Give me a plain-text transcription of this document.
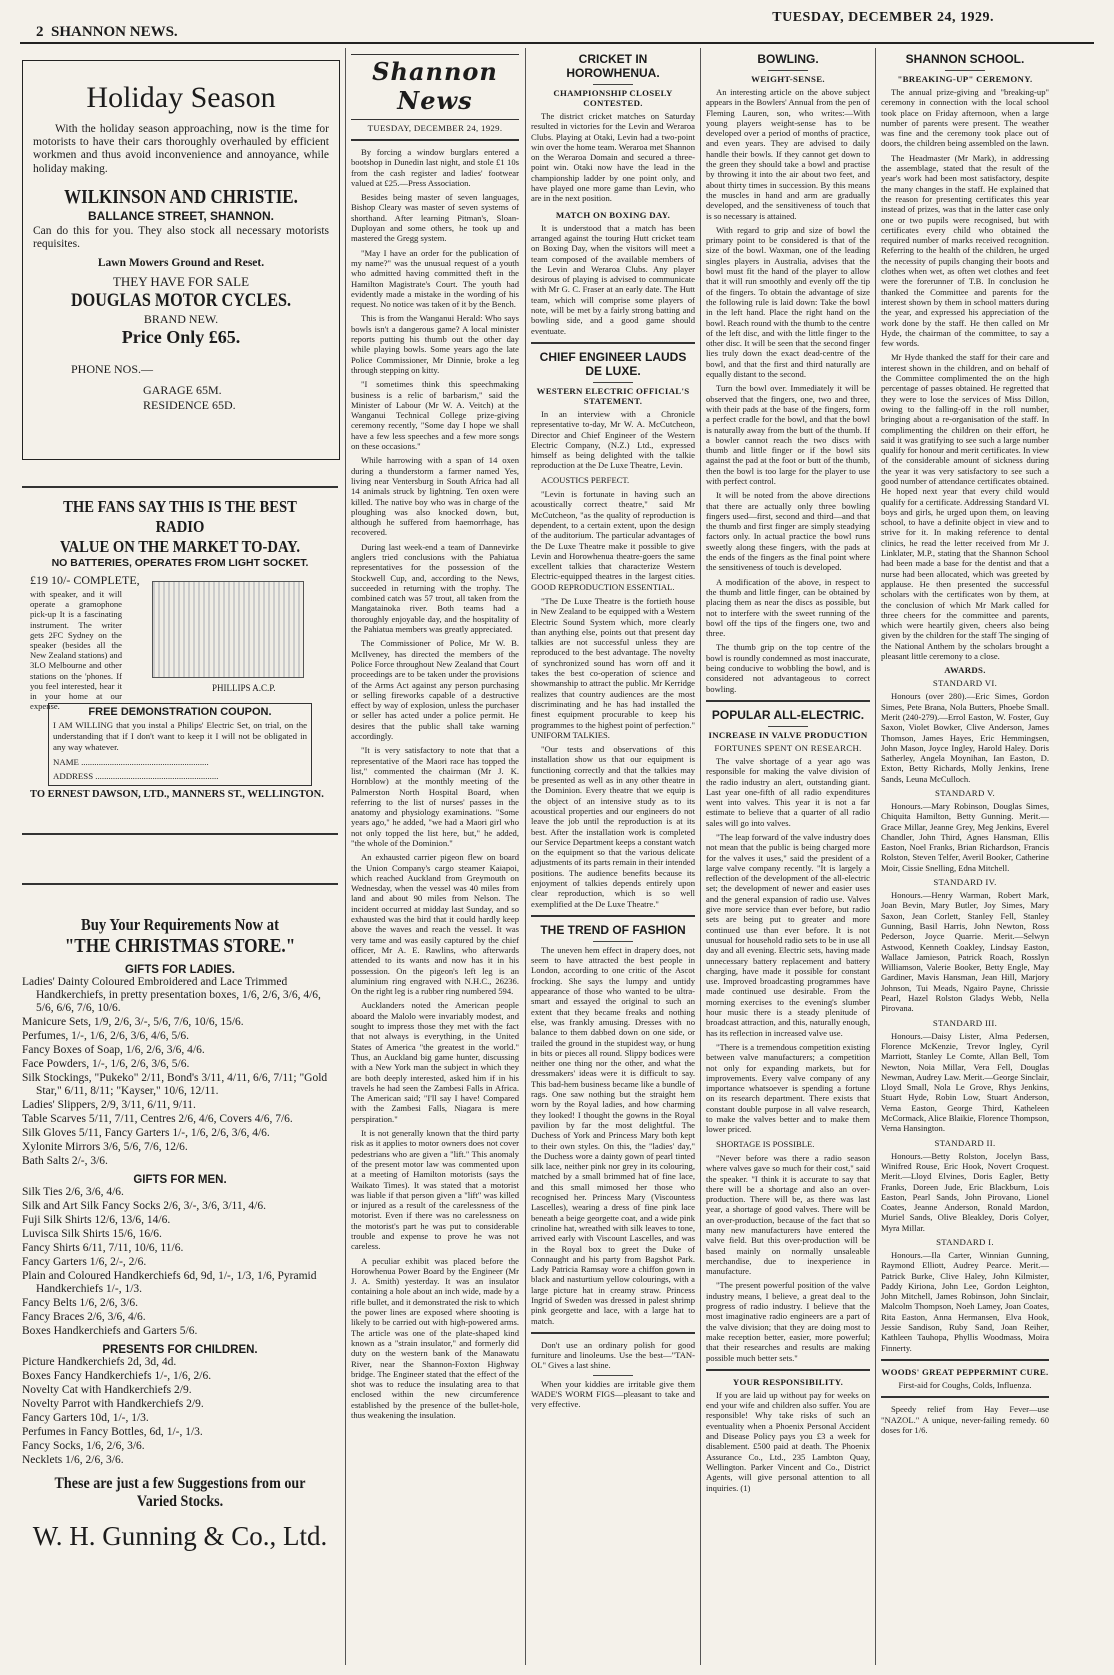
2 SHANNON NEWS.
TUESDAY, DECEMBER 24, 1929.
Holiday Season

With the holiday season approaching, now is the time for motorists to have their cars thoroughly overhauled by efficient workmen and thus avoid inconvenience and annoyance, while holiday making.

WILKINSON AND CHRISTIE.
BALLANCE STREET, SHANNON.

Can do this for you. They also stock all necessary motorists requisites.

Lawn Mowers Ground and Reset.
THEY HAVE FOR SALE
DOUGLAS MOTOR CYCLES.
BRAND NEW.
Price Only £65.
PHONE NOS.—
GARAGE 65M.
RESIDENCE 65D.
THE FANS SAY THIS IS THE BEST RADIO
VALUE ON THE MARKET TO-DAY.
NO BATTERIES, OPERATES FROM LIGHT SOCKET.
£19 10/- COMPLETE,

with speaker, and it will operate a gramophone pick-up It is a fascinating instrument. The writer gets 2FC Sydney on the speaker (besides all the New Zealand stations) and 3LO Melbourne and other stations on the 'phones. If you feel interested, hear it in your home at our expense.

PHILLIPS A.C.P.
FREE DEMONSTRATION COUPON.

I AM WILLING that you instal a Philips' Electric Set, on trial, on the understanding that if I don't want to keep it I will not be obligated in any way whatever.

NAME ..........................................................
ADDRESS ........................................................
TO ERNEST DAWSON, LTD., MANNERS ST., WELLINGTON.
Buy Your Requirements Now at
"THE CHRISTMAS STORE."
GIFTS FOR LADIES.
Ladies' Dainty Coloured Embroidered and Lace Trimmed Handkerchiefs, in pretty presentation boxes, 1/6, 2/6, 3/6, 4/6, 5/6, 6/6, 7/6, 10/6.
Manicure Sets, 1/9, 2/6, 3/-, 5/6, 7/6, 10/6, 15/6.
Perfumes, 1/-, 1/6, 2/6, 3/6, 4/6, 5/6.
Fancy Boxes of Soap, 1/6, 2/6, 3/6, 4/6.
Face Powders, 1/-, 1/6, 2/6, 3/6, 5/6.
Silk Stockings, "Pukeko" 2/11, Bond's 3/11, 4/11, 6/6, 7/11; "Gold Star," 6/11, 8/11; "Kayser," 10/6, 12/11.
Ladies' Slippers, 2/9, 3/11, 6/11, 9/11.
Table Scarves 5/11, 7/11, Centres 2/6, 4/6, Covers 4/6, 7/6.
Silk Gloves 5/11, Fancy Garters 1/-, 1/6, 2/6, 3/6, 4/6.
Xylonite Mirrors 3/6, 5/6, 7/6, 12/6.
Bath Salts 2/-, 3/6.
GIFTS FOR MEN.
Silk Ties 2/6, 3/6, 4/6.
Silk and Art Silk Fancy Socks 2/6, 3/-, 3/6, 3/11, 4/6.
Fuji Silk Shirts 12/6, 13/6, 14/6.
Luvisca Silk Shirts 15/6, 16/6.
Fancy Shirts 6/11, 7/11, 10/6, 11/6.
Fancy Garters 1/6, 2/-, 2/6.
Plain and Coloured Handkerchiefs 6d, 9d, 1/-, 1/3, 1/6, Pyramid Handkerchiefs 1/-, 1/3.
Fancy Belts 1/6, 2/6, 3/6.
Fancy Braces 2/6, 3/6, 4/6.
Boxes Handkerchiefs and Garters 5/6.
PRESENTS FOR CHILDREN.
Picture Handkerchiefs 2d, 3d, 4d.
Boxes Fancy Handkerchiefs 1/-, 1/6, 2/6.
Novelty Cat with Handkerchiefs 2/9.
Novelty Parrot with Handkerchiefs 2/9.
Fancy Garters 10d, 1/-, 1/3.
Perfumes in Fancy Bottles, 6d, 1/-, 1/3.
Fancy Socks, 1/6, 2/6, 3/6.
Necklets 1/6, 2/6, 3/6.
These are just a few Suggestions from our
Varied Stocks.
W. H. Gunning & Co., Ltd.
Shannon News
TUESDAY, DECEMBER 24, 1929.

By forcing a window burglars entered a bootshop in Dunedin last night, and stole £1 10s from the cash register and ladies' footwear valued at £25.—Press Association.

Besides being master of seven languages, Bishop Cleary was master of seven systems of shorthand. After learning Pitman's, Sloan-Duployan and some others, he took up and mastered the Gregg system.

"May I have an order for the publication of my name?" was the unusual request of a youth who admitted having committed theft in the Hamilton Magistrate's Court. The youth had evidently made a mistake in the wording of his request. No notice was taken of it by the Bench.

This is from the Wanganui Herald: Who says bowls isn't a dangerous game? A local minister reports putting his thumb out the other day while playing bowls. Some years ago the late Police Commissioner, Mr Dinnie, broke a leg through stepping on kitty.

"I sometimes think this speechmaking business is a relic of barbarism," said the Minister of Labour (Mr W. A. Veitch) at the Wanganui Technical College prize-giving ceremony recently, "Some day I hope we shall have a few less speeches and a few more songs on these occasions."

While harrowing with a span of 14 oxen during a thunderstorm a farmer named Yes, living near Ventersburg in South Africa had all 14 animals struck by lightning. Ten oxen were killed. The native boy who was in charge of the ploughing was also knocked down, but, although he suffered from haemorrhage, has recovered.

During last week-end a team of Dannevirke anglers tried conclusions with the Pahiatua representatives for the possession of the Stockwell Cup, and, according to the News, succeeded in returning with the trophy. The combined catch was 57 trout, all taken from the Mangatainoka river. Both teams had a thoroughly enjoyable day, and the hospitality of the Pahiatua members was greatly appreciated.

The Commissioner of Police, Mr W. B. McIlveney, has directed the members of the Police Force throughout New Zealand that Court proceedings are to be taken under the provisions of the Arms Act against any person purchasing or selling fireworks capable of a destructive effect by way of explosion, unless the purchaser or seller has acted under a police permit. He desires that the public shall take warning accordingly.

"It is very satisfactory to note that that a representative of the Maori race has topped the list," commented the chairman (Mr J. K. Hornblow) at the monthly meeting of the Palmerston North Hospital Board, when referring to the list of nurses' passes in the anatomy and physiology examinations. "Some years ago," he added, "we had a Maori girl who not only topped the list here, but," he added, "the whole of the Dominion."

An exhausted carrier pigeon flew on board the Union Company's cargo steamer Kaiapoi, which reached Auckland from Greymouth on Wednesday, when the vessel was 40 miles from land and about 90 miles from Nelson. The incident occurred at midday last Sunday, and so exhausted was the bird that it could hardly keep above the waves and reach the vessel. It was very tame and was easily captured by the chief officer, Mr A. E. Rawlins, who afterwards attended to its wants and now has it in his possession. On the pigeon's left leg is an aluminium ring engraved with N.H.C., 26236. On the right leg is a rubber ring numbered 594.

Aucklanders noted the American people aboard the Malolo were invariably modest, and sought to impress those they met with the fact that not always is everything, in the United States of America "the greatest in the world." Thus, an Auckland big game hunter, discussing with a New York man the subject in which they are both deeply interested, asked him if in his travels he had seen the Zambesi Falls in Africa. The American said; "I'll say I have! Compared with the Zambesi Falls, Niagara is mere perspiration."

It is not generally known that the third party risk as it applies to motor owners does not cover pedestrians who are given a "lift." This anomaly of the present motor law was commented upon at a meeting of Hamilton motorists (says the Waikato Times). It was stated that a motorist was liable if that person given a "lift" was killed or injured as a result of the carelessness of the motorist. Even if there was no carelessness on the motorist's part he was put to considerable trouble and expense to prove he was not careless.

A peculiar exhibit was placed before the Horowhenua Power Board by the Engineer (Mr J. A. Smith) yesterday. It was an insulator containing a hole about an inch wide, made by a rifle bullet, and it demonstrated the risk to which the power lines are exposed where shooting is likely to be carried out with high-powered arms. The article was one of the plate-shaped kind known as a "strain insulator," and formerly did duty on the western bank of the Manawatu River, near the Shannon-Foxton Highway bridge. The Engineer stated that the effect of the shot was to reduce the insulating area to that enclosed within the new circumference established by the presence of the bullet-hole, thus weakening the insulation.

CRICKET IN HOROWHENUA.
CHAMPIONSHIP CLOSELY CONTESTED.

The district cricket matches on Saturday resulted in victories for the Levin and Weraroa Clubs. Playing at Otaki, Levin had a two-point win over the home team. Weraroa met Shannon on the Weraroa Domain and secured a three-point win. Otaki now have the lead in the championship ladder by one point only, and have played one more game than Levin, who are in the next position.

MATCH ON BOXING DAY.

It is understood that a match has been arranged against the touring Hutt cricket team on Boxing Day, when the visitors will meet a team composed of the available members of the Levin and Weraroa Clubs. Any player desirous of playing is advised to communicate with Mr G. C. Fraser at an early date. The Hutt team, which will comprise some players of note, will be met by a fairly strong batting and bowling side, and a good game should eventuate.

CHIEF ENGINEER LAUDS DE LUXE.
WESTERN ELECTRIC OFFICIAL'S STATEMENT.

In an interview with a Chronicle representative to-day, Mr W. A. McCutcheon, Director and Chief Engineer of the Western Electric Company, (N.Z.) Ltd., expressed himself as being delighted with the talkie reproduction at the De Luxe Theatre, Levin.

ACOUSTICS PERFECT.

"Levin is fortunate in having such an acoustically correct theatre," said Mr McCutcheon, "as the quality of reproduction is dependent, to a certain extent, upon the design of the auditorium. The particular advantages of the De Luxe Theatre make it possible to give Levin and Horowhenua theatre-goers the same excellent talkies that characterize Western Electric-equipped theatres in the largest cities. GOOD REPRODUCTION ESSENTIAL.

"The De Luxe Theatre is the fortieth house in New Zealand to be equipped with a Western Electric Sound System which, more clearly than anything else, points out that present day talkies are not successful unless they are reproduced to the best advantage. The novelty of synchronized sound has worn off and it takes the best co-operation of science and showmanship to attract the public. Mr Kerridge realizes that country audiences are the most discriminating and he has had installed the finest equipment procurable to keep his programmes to the highest point of perfection." UNIFORM TALKIES.

"Our tests and observations of this installation show us that our equipment is functioning correctly and that the talkies may be presented as well as in any other theatre in the Dominion. Every theatre that we equip is the object of an intensive study as to its acoustical properties and our engineers do not leave the job until the reproduction is at its best. After the installation work is completed our Service Department keeps a constant watch on the equipment so that the various delicate adjustments of its parts remain in their intended positions. The audience benefits because its enjoyment of talkies depends entirely upon clear reproduction, which is so well exemplified at the De Luxe Theatre."

THE TREND OF FASHION

The uneven hem effect in drapery does, not seem to have attracted the best people in London, according to one critic of the Ascot frocking. She says the lumpy and untidy appearance of those who wanted to be ultra-smart and essayed the original to such an extent that they became freaks and nothing else, was frankly amusing. Dresses with no balance to them dabbed down on one side, or trailed the ground in the stupidest way, or hung in bits or pieces all round. Slippy bodices were neither one thing nor the other, and what the dressmakers' ideas were it is difficult to say. This bad-hem business became like a bundle of rags. One saw nothing but the straight hem worn by the Royal ladies, and how charming they looked! I thought the gowns in the Royal pavilion by far the most delightful. The Duchess of York and Princess Mary both kept to their own styles. On this, the "ladies' day," the Duchess wore a dainty gown of pearl tinted silk lace, neither pink nor grey in its colouring, matched by a small brimmed hat of fine lace, and this small mimosed her those who recognised her. Princess Mary (Viscountess Lascelles), wearing a dress of fine pink lace beneath a beige georgette coat, and a wide pink crinoline hat, wreathed with silk leaves to tone, arrived early with Viscount Lascelles, and was in the Royal box to greet the Duke of Connaught and his party from Bagshot Park. Lady Patricia Ramsay wore a chiffon gown in black and nasturtium yellow colourings, with a large picture hat in creamy straw. Princess Ingrid of Sweden was dressed in palest shrimp pink georgette and lace, with a large hat to match.

Don't use an ordinary polish for good furniture and linoleums. Use the best—"TAN-OL" Gives a last shine.

When your kiddies are irritable give them WADE'S WORM FIGS—pleasant to take and very effective.

BOWLING.
WEIGHT-SENSE.

An interesting article on the above subject appears in the Bowlers' Annual from the pen of Fleming Lauren, son, who writes:—With young players weight-sense has to be developed over a period of months of practice, and even years. They are advised to daily handle their bowls. If they cannot get down to the green they should take a bowl and practise by throwing it into the air about two feet, and about thirty times in succession. By this means the muscles in hand and arm are gradually developed, and the sensitiveness of touch that is so necessary is attained.

With regard to grip and size of bowl the primary point to be considered is that of the size of the bowl. Waxman, one of the leading singles players in Australia, advises that the bowl must fit the hand of the player to allow that it will run smoothly and evenly off the tip of the fingers. To obtain the advantage of size the following rule is laid down: Take the bowl in the left hand. Place the right hand on the bowl. Reach round with the thumb to the centre of the left disc, and with the little finger to the other disc. It will be seen that the second finger lies truly down the exact dead-centre of the bowl, and that the first and third naturally are equally distant to the second.

Turn the bowl over. Immediately it will be observed that the fingers, one, two and three, with their pads at the base of the fingers, form a perfect cradle for the bowl, and that the bowl is naturally away from the butt of the thumb. If a bowler cannot reach the two discs with thumb and little finger or if the bowl sits against the pad at the foot or butt of the thumb, then the bowl is too large for the player to use with perfect control.

It will be noted from the above directions that there are actually only three bowling fingers used—first, second and third—and that the thumb and first finger are simply steadying factors only. In actual practice the bowl runs sweetly along these fingers, with the pads at the ends of the fingers as the final point where the sensitiveness of touch is developed.

A modification of the above, in respect to the thumb and little finger, can be obtained by placing them as near the discs as possible, but not to interfere with the sweet running of the bowl off the tips of the fingers one, two and three.

The thumb grip on the top centre of the bowl is roundly condemned as most inaccurate, being conducive to wobbling the bowl, and is considered not advantageous to correct bowling.

POPULAR ALL-ELECTRIC.
INCREASE IN VALVE PRODUCTION
FORTUNES SPENT ON RESEARCH.

The valve shortage of a year ago was responsible for making the valve division of the radio industry an alert, outstanding giant. Last year one-fifth of all radio expenditures went into valves. This year it is not a far estimate to believe that a quarter of all radio sales will go into valves.

"The leap forward of the valve industry does not mean that the public is being charged more for the valves it uses," said the president of a large valve company recently. "It is largely a reflection of the development of the all-electric set; the development of newer and easier uses and the general expansion of radio use. Valves give more service than ever before, but radio sets are being put to greater and more continued use than ever before. It is not unusual for household radio sets to be in use all day and all evening. Electric sets, having made unnecessary battery replacement and battery charging, have made it possible for constant use. Improved broadcasting programmes have made continued use desirable. From the morning exercises to the evening's slumber hour music there is a steady plenitude of broadcast attraction, and this, naturally enough, has its reflection in increased valve use.

"There is a tremendous competition existing between valve manufacturers; a competition not only for expanding markets, but for improvements. Every valve company of any importance whatsoever is spending a fortune on its research department. There exists that constant double purpose in all valve research, to make the valves better and to make them lower priced.

SHORTAGE IS POSSIBLE.

"Never before was there a radio season where valves gave so much for their cost," said the speaker. "I think it is accurate to say that there will be a shortage and also an over-production. There will be, as there was last year, a shortage of good valves. There will be an over-production, because of the fact that so many new manufacturers have entered the valve field. But this over-production will be based mainly on normally unsaleable merchandise, due to inexperience in manufacture.

"The present powerful position of the valve industry means, I believe, a great deal to the progress of radio industry. I believe that the most imaginative radio engineers are a part of the valve division; that they are doing most to make reception better, easier, more powerful; that their researches and results are making possible much better sets."

YOUR RESPONSIBILITY.

If you are laid up without pay for weeks on end your wife and children also suffer. You are responsible! Why take risks of such an eventuality when a Phoenix Personal Accident and Disease Policy pays you £3 a week for disablement. £500 paid at death. The Phoenix Assurance Co., Ltd., 235 Lambton Quay, Wellington. Parker Vincent and Co., District Agents, will give personal attention to all inquiries. (1)

SHANNON SCHOOL.
"BREAKING-UP" CEREMONY.

The annual prize-giving and "breaking-up" ceremony in connection with the local school took place on Friday afternoon, when a large number of parents were present. The weather was fine and the ceremony took place out of doors, the children being assembled on the lawn.

The Headmaster (Mr Mark), in addressing the assemblage, stated that the result of the year's work had been most satisfactory, despite the many changes in the staff. He explained that the reason for presenting certificates this year instead of prizes, was that in the latter case only one or two pupils were recognised, but with certificates every child who obtained the required number of marks received recognition. Referring to the health of the children, he urged the necessity of pupils changing their boots and clothes when wet, as often wet clothes and feet were the forerunner of T.B. In conclusion he thanked the Committee and parents for the interest shown by them in school matters during the year, and expressed his appreciation of the work done by the staff. He then called on Mr Hyde, the chairman of the committee, to say a few words.

Mr Hyde thanked the staff for their care and interest shown in the children, and on behalf of the Committee complimented the on the high percentage of passes obtained. He regretted that they were to lose the services of Miss Dillon, owing to the falling-off in the roll number, bringing about a re-organisation of the staff. In complimenting the children on their effort, he said it was gratifying to see such a large number qualify for honour and merit certificates. In view of the considerable amount of sickness during the year it was very satisfactory to see such a good number of attendance certificates obtained. He hoped next year that every child would qualify for a certificate. Addressing Standard VI. boys and girls, he urged upon them, on leaving school, to have a definite object in view and to strive for it. In making reference to dental clinics, he read the letter received from Mr J. Linklater, M.P., stating that the Shannon School had been made a base for the dentist and that a nurse had been allocated, which was greeted by applause. He then presented the successful scholars with the certificates won by them, at the conclusion of which Mr Mark called for three cheers for the committee and parents, which were heartily given, cheers also being given by the children for the staff The singing of the National Anthem by the scholars brought a pleasant little ceremony to a close.

AWARDS.
STANDARD VI.

Honours (over 280).—Eric Simes, Gordon Simes, Pete Brana, Nola Butters, Phoebe Small. Merit (240-279).—Errol Easton, W. Foster, Guy Saxon, Violet Bowker, Clive Anderson, James Thomson, James Hayes, Eric Hemmingsen, John Mason, Joyce Ingley, Harold Haley. Doris Satherley, Angela Moynihan, Ian Easton, D. Exton, Betty Richards, Molly Jenkins, Irene Sands, Leuna McCulloch.

STANDARD V.

Honours.—Mary Robinson, Douglas Simes, Chiquita Hamilton, Betty Gunning. Merit.—Grace Millar, Jeanne Grey, Meg Jenkins, Everel Chandler, John Third, Agnes Hansman, Ellis Easton, Noel Franks, Brian Richardson, Francis Rolston, Steven Telfer, Averil Booker, Catherine Moir, Cissie Snelling, Edna Mitchell.

STANDARD IV.

Honours.—Henry Warman, Robert Mark, Joan Bevin, Mary Butler, Joy Simes, Mary Saxon, Jean Corlett, Stanley Fell, Stanley Gunning, Basil Harris, John Newton, Ross Pederson, Joyce Quarrie. Merit.—Selwyn Astwood, Kenneth Coakley, Lindsay Easton, Wallace Jamieson, Patrick Roach, Rosslyn Williamson, Valerie Booker, Betty Engle, May Gardiner, Mavis Hansman, Jean Hill, Marjory Johnson, Tui Meads, Ngairo Payne, Chrissie Pearl, Hazel Rolston Gladys Webb, Nella Pirovana.

STANDARD III.

Honours.—Daisy Lister, Alma Pedersen, Florence McKenzie, Trevor Ingley, Cyril Marriott, Stanley Le Comte, Allan Bell, Tom Newton, Noia Millar, Vera Fell, Douglas Newman, Audrey Law. Merit.—George Sinclair, Lloyd Small, Nola Le Grove, Rhys Jenkins, Stuart Hyde, Robin Low, Stuart Anderson, Verna Easton, George Third, Katheleen McCormack, Alice Blaikie, Florence Thompson, Verna Hansington.

STANDARD II.

Honours.—Betty Rolston, Jocelyn Bass, Winifred Rouse, Eric Hook, Novert Croquest. Merit.—Lloyd Elvines, Doris Eagler, Betty Franks, Doreen Jude, Eric Blackburn, Lois Easton, Pearl Sands, John Pirovano, Lionel Coates, Jeanne Anderson, Ronald Mardon, Muriel Sands, Olive Bleakley, Doris Colyer, Myra Millar.

STANDARD I.

Honours.—Ila Carter, Winnian Gunning, Raymond Elliott, Audrey Pearce. Merit.—Patrick Burke, Clive Haley, John Kilmister, Paddy Kiriona, John Lee, Gordon Leighton, John Mitchell, James Robinson, John Sinclair, Malcolm Thompson, Noeh Lamey, Joan Coates, Rita Easton, Anna Hermansen, Elva Hook, Jessie Sandison, Ruby Sand, Joan Reiher, Kathleen Tauhopa, Phyllis Woodmass, Moira Finnerty.

WOODS' GREAT PEPPERMINT CURE.

First-aid for Coughs, Colds, Influenza.

Speedy relief from Hay Fever—use "NAZOL." A unique, never-failing remedy. 60 doses for 1/6.
